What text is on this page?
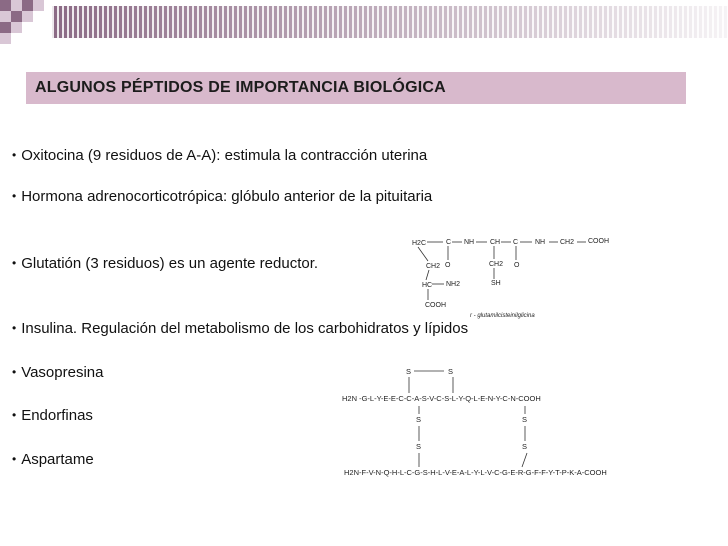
ALGUNOS PÉPTIDOS DE IMPORTANCIA BIOLÓGICA
• Oxitocina (9 residuos de A-A): estimula la contracción uterina
• Hormona adrenocorticotrópica: glóbulo anterior de la pituitaria
• Glutatión (3 residuos) es un agente reductor.
• Insulina. Regulación del metabolismo de los carbohidratos y lípidos
• Vasopresina
• Endorfinas
• Aspartame
H2C	C NH CH C NH CH2 COOH
CH2 O	CH2 O
SH
HC NH2
COOH
r - glutamilcisteinilglicina
S	S
H2N -G-L-Y-E-E-C-C-A-S-V-C-S-L-Y-Q-L-E-N-Y-C-N-COOH
S
S
S
S
H2N-F-V-N-Q-H-L-C-G-S-H-L-V-E-A-L-Y-L-V-C-G-E-R-G-F-F-Y-T-P-K-A-COOH
